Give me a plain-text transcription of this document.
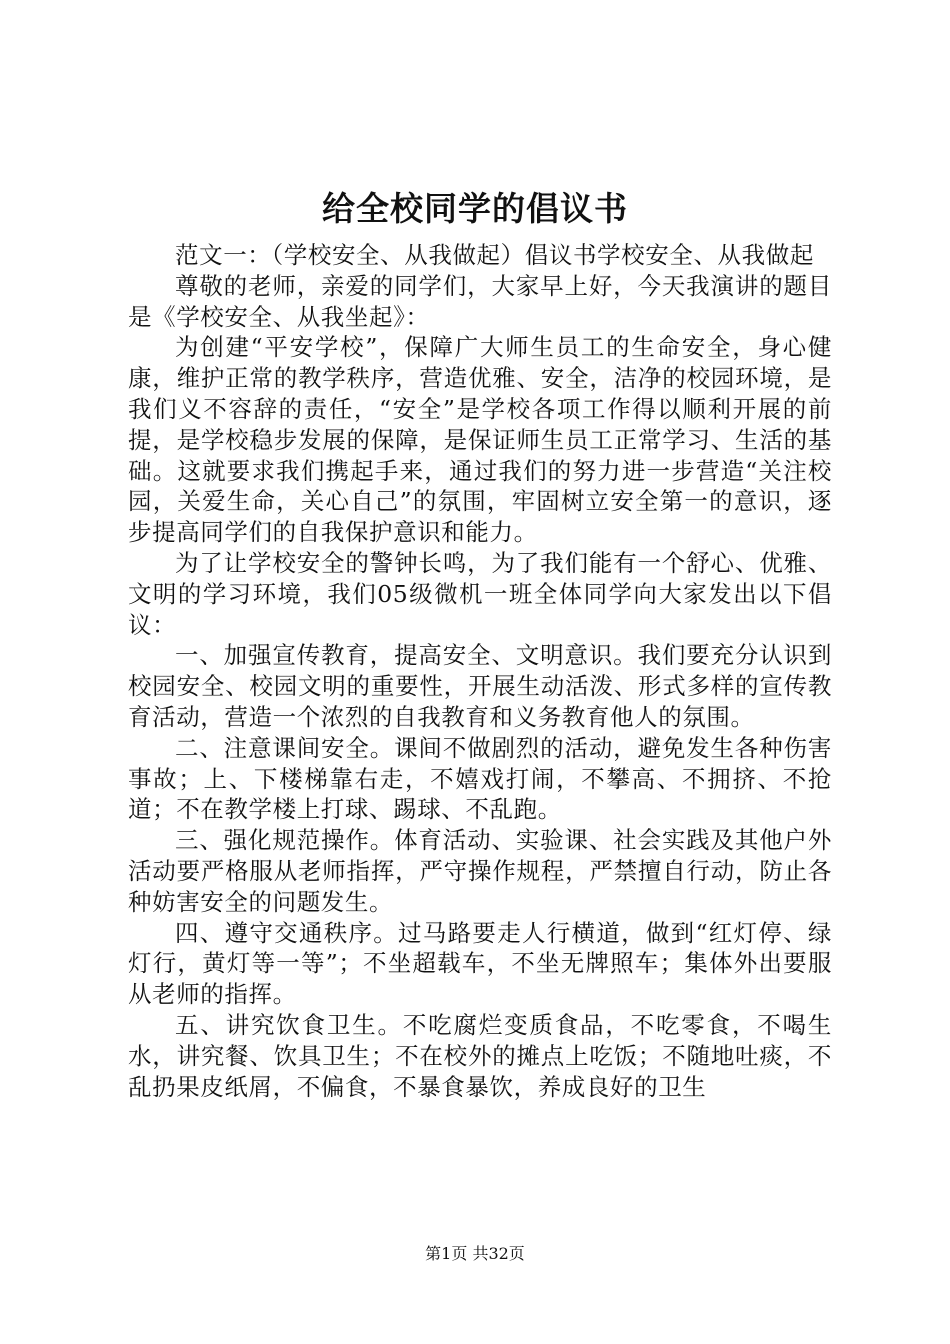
给全校同学的倡议书

范文一：（学校安全、从我做起）倡议书学校安全、从我做起

尊敬的老师，亲爱的同学们，大家早上好，今天我演讲的题目是《学校安全、从我坐起》：

为创建“平安学校”，保障广大师生员工的生命安全，身心健康，维护正常的教学秩序，营造优雅、安全，洁净的校园环境，是我们义不容辞的责任，“安全”是学校各项工作得以顺利开展的前提，是学校稳步发展的保障，是保证师生员工正常学习、生活的基础。这就要求我们携起手来，通过我们的努力进一步营造“关注校园，关爱生命，关心自己”的氛围，牢固树立安全第一的意识，逐步提高同学们的自我保护意识和能力。

为了让学校安全的警钟长鸣，为了我们能有一个舒心、优雅、文明的学习环境，我们05级微机一班全体同学向大家发出以下倡议：

一、加强宣传教育，提高安全、文明意识。我们要充分认识到校园安全、校园文明的重要性，开展生动活泼、形式多样的宣传教育活动，营造一个浓烈的自我教育和义务教育他人的氛围。

二、注意课间安全。课间不做剧烈的活动，避免发生各种伤害事故；上、下楼梯靠右走，不嬉戏打闹，不攀高、不拥挤、不抢道；不在教学楼上打球、踢球、不乱跑。

三、强化规范操作。体育活动、实验课、社会实践及其他户外活动要严格服从老师指挥，严守操作规程，严禁擅自行动，防止各种妨害安全的问题发生。

四、遵守交通秩序。过马路要走人行横道，做到“红灯停、绿灯行，黄灯等一等”；不坐超载车，不坐无牌照车；集体外出要服从老师的指挥。

五、讲究饮食卫生。不吃腐烂变质食品，不吃零食，不喝生水，讲究餐、饮具卫生；不在校外的摊点上吃饭；不随地吐痰，不乱扔果皮纸屑，不偏食，不暴食暴饮，养成良好的卫生

第1页 共32页
